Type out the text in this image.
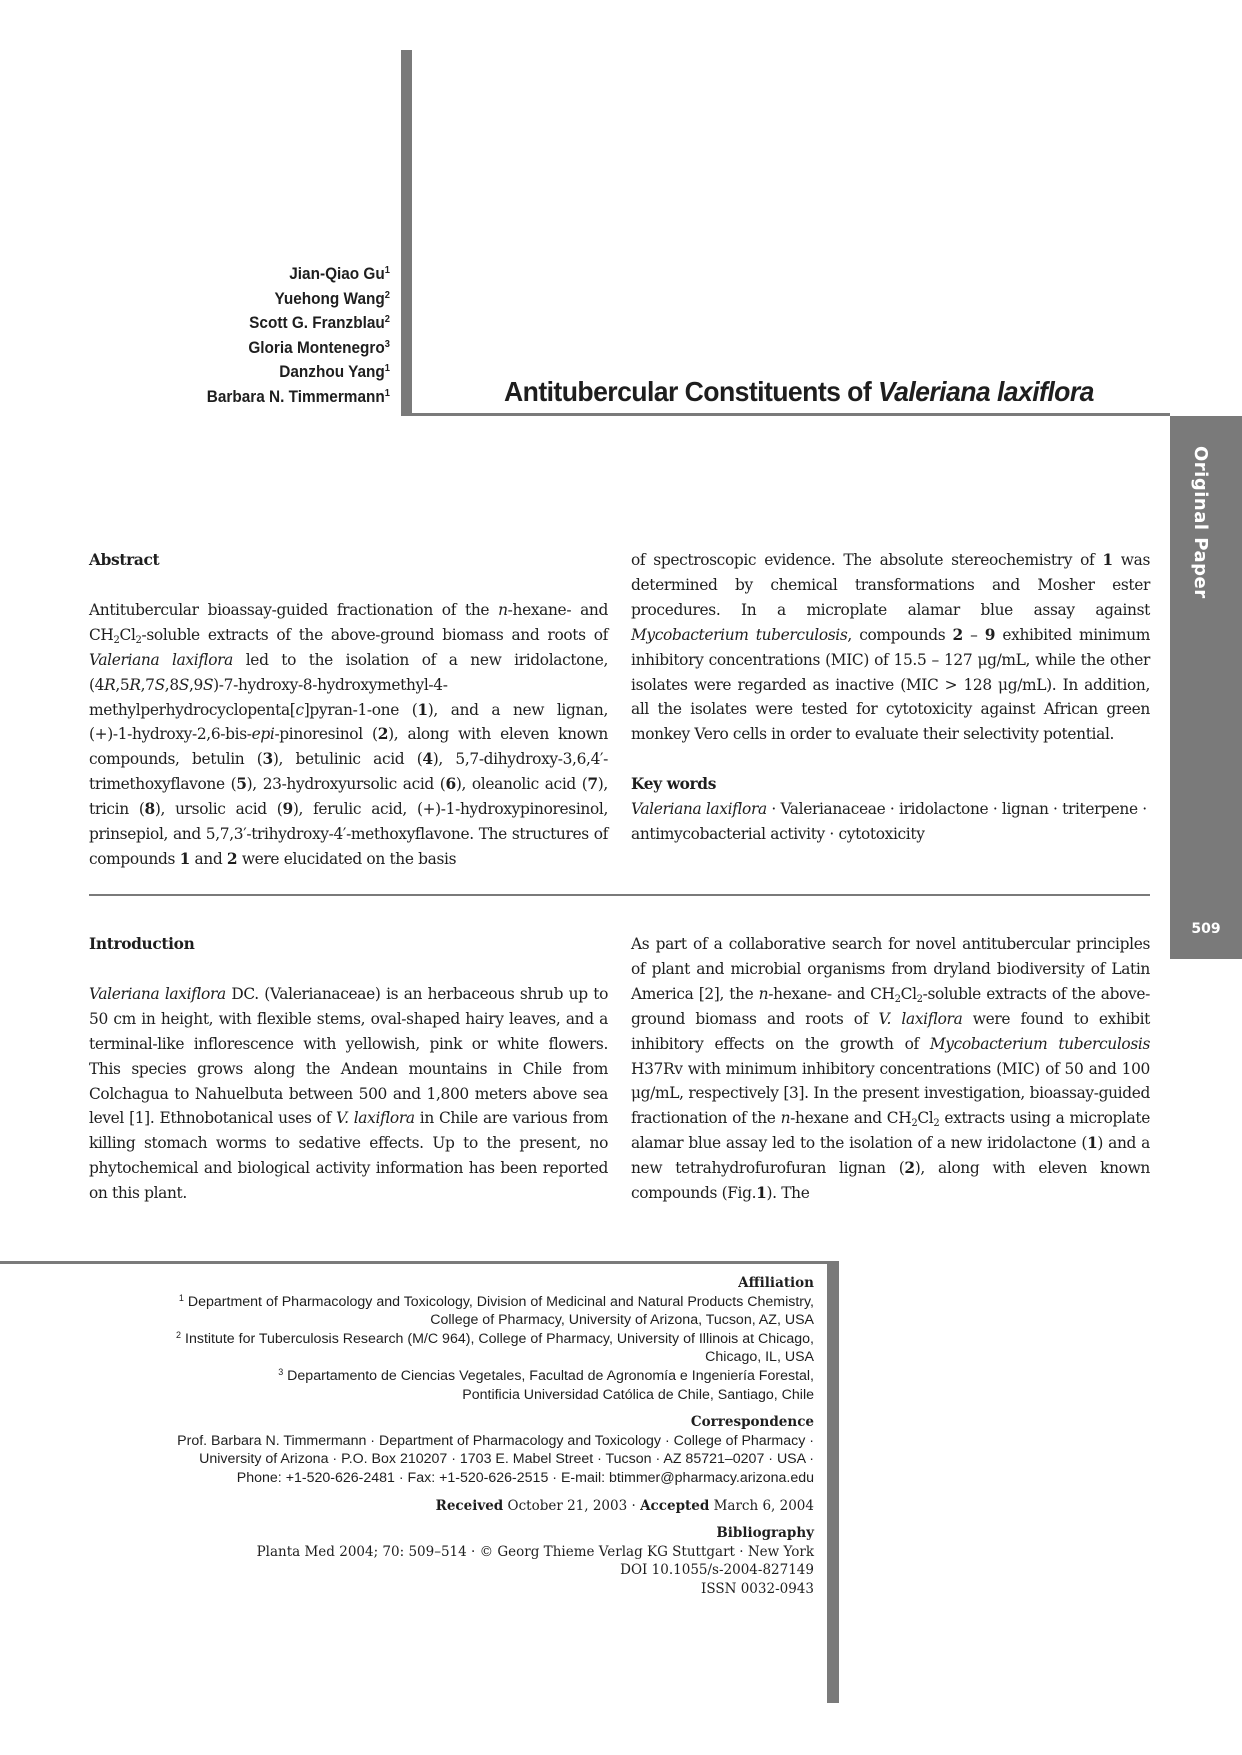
Original Paper
509
Jian-Qiao Gu$^1$
Yuehong Wang$^2$
Scott G. Franzblau$^2$
Gloria Montenegro$^3$
Danzhou Yang$^1$
Barbara N. Timmermann$^1$	Antitubercular Constituents of Valeriana laxiflora

Abstract

Antitubercular bioassay-guided fractionation of the n-hexane- and $CH_2Cl_2$-soluble extracts of the above-ground biomass and roots of Valeriana laxiflora led to the isolation of a new iridolactone, (4R,5R,7S,8S,9S)-7-hydroxy-8-hydroxymethyl-4-methylperhydrocyclopenta[c]pyran-1-one (1), and a new lignan, (+)-1-hydroxy-2,6-bis-epi-pinoresinol (2), along with eleven known compounds, betulin (3), betulinic acid (4), 5,7-dihydroxy-3,6,4′-trimethoxyflavone (5), 23-hydroxyursolic acid (6), oleanolic acid (7), tricin (8), ursolic acid (9), ferulic acid, (+)-1-hydroxypinoresinol, prinsepiol, and 5,7,3′-trihydroxy-4′-methoxyflavone. The structures of compounds 1 and 2 were elucidated on the basis

of spectroscopic evidence. The absolute stereochemistry of 1 was determined by chemical transformations and Mosher ester procedures. In a microplate alamar blue assay against Mycobacterium tuberculosis, compounds 2 – 9 exhibited minimum inhibitory concentrations (MIC) of 15.5 – 127 μg/mL, while the other isolates were regarded as inactive (MIC > 128 μg/mL). In addition, all the isolates were tested for cytotoxicity against African green monkey Vero cells in order to evaluate their selectivity potential.

Key words

Valeriana laxiflora · Valerianaceae · iridolactone · lignan · triterpene · antimycobacterial activity · cytotoxicity

Introduction

Valeriana laxiflora DC. (Valerianaceae) is an herbaceous shrub up to 50 cm in height, with flexible stems, oval-shaped hairy leaves, and a terminal-like inflorescence with yellowish, pink or white flowers. This species grows along the Andean mountains in Chile from Colchagua to Nahuelbuta between 500 and 1,800 meters above sea level [1]. Ethnobotanical uses of V. laxiflora in Chile are various from killing stomach worms to sedative effects. Up to the present, no phytochemical and biological activity information has been reported on this plant.

As part of a collaborative search for novel antitubercular principles of plant and microbial organisms from dryland biodiversity of Latin America [2], the n-hexane- and $CH_2Cl_2$-soluble extracts of the above-ground biomass and roots of V. laxiflora were found to exhibit inhibitory effects on the growth of Mycobacterium tuberculosis H37Rv with minimum inhibitory concentrations (MIC) of 50 and 100 μg/mL, respectively [3]. In the present investigation, bioassay-guided fractionation of the n-hexane and $CH_2Cl_2$ extracts using a microplate alamar blue assay led to the isolation of a new iridolactone (1) and a new tetrahydrofurofuran lignan (2), along with eleven known compounds (Fig.1). The

Affiliation
$^1$ Department of Pharmacology and Toxicology, Division of Medicinal and Natural Products Chemistry,
College of Pharmacy, University of Arizona, Tucson, AZ, USA
$^2$ Institute for Tuberculosis Research (M/C 964), College of Pharmacy, University of Illinois at Chicago,
Chicago, IL, USA
$^3$ Departamento de Ciencias Vegetales, Facultad de Agronomía e Ingeniería Forestal,
Pontificia Universidad Católica de Chile, Santiago, Chile
Correspondence
Prof. Barbara N. Timmermann · Department of Pharmacology and Toxicology · College of Pharmacy ·
University of Arizona · P.O. Box 210207 · 1703 E. Mabel Street · Tucson · AZ 85721–0207 · USA ·
Phone: +1-520-626-2481 · Fax: +1-520-626-2515 · E-mail: btimmer@pharmacy.arizona.edu
Received October 21, 2003 · Accepted March 6, 2004
Bibliography
Planta Med 2004; 70: 509–514 · © Georg Thieme Verlag KG Stuttgart · New York
DOI 10.1055/s-2004-827149
ISSN 0032-0943
